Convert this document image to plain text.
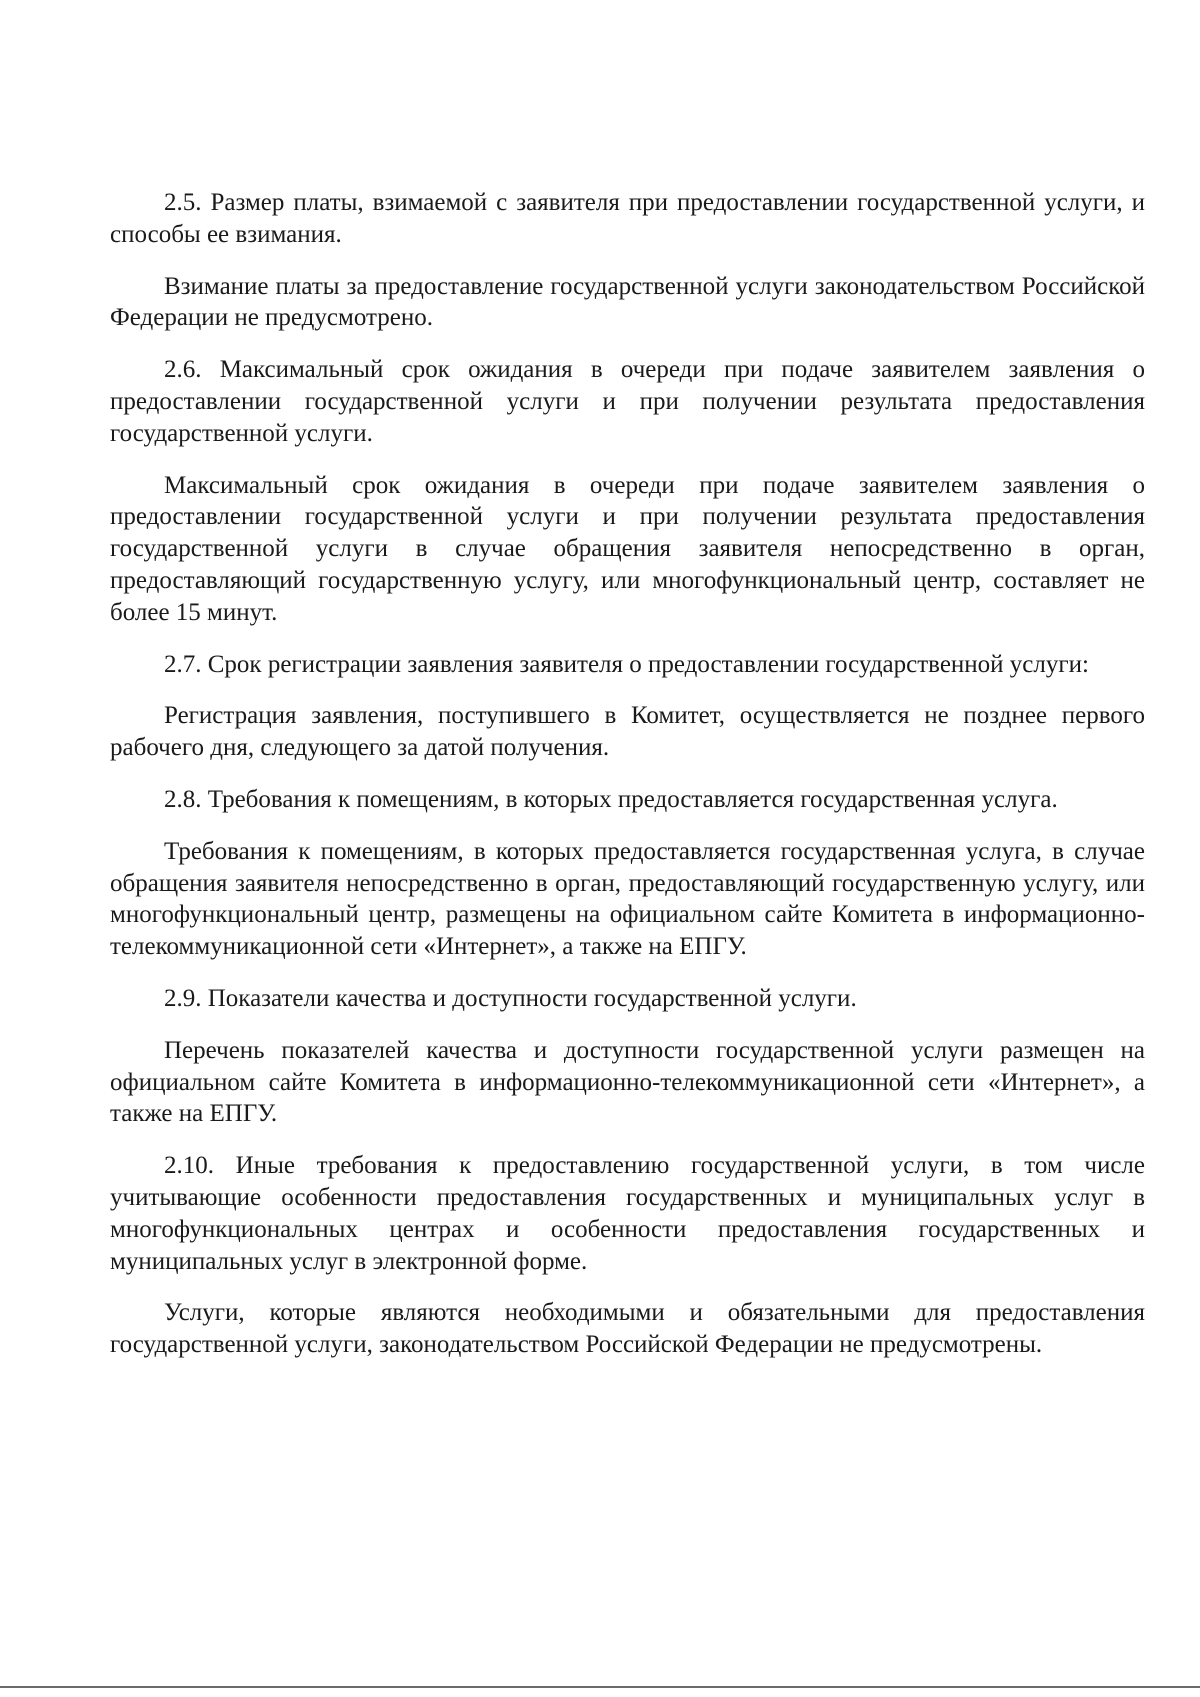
2.5. Размер платы, взимаемой с заявителя при предоставлении государственной услуги, и способы ее взимания.

Взимание платы за предоставление государственной услуги законодательством Российской Федерации не предусмотрено.

2.6. Максимальный срок ожидания в очереди при подаче заявителем заявления о предоставлении государственной услуги и при получении результата предоставления государственной услуги.

Максимальный срок ожидания в очереди при подаче заявителем заявления о предоставлении государственной услуги и при получении результата предоставления государственной услуги в случае обращения заявителя непосредственно в орган, предоставляющий государственную услугу, или многофункциональный центр, составляет не более 15 минут.

2.7. Срок регистрации заявления заявителя о предоставлении государственной услуги:

Регистрация заявления, поступившего в Комитет, осуществляется не позднее первого рабочего дня, следующего за датой получения.

2.8. Требования к помещениям, в которых предоставляется государственная услуга.

Требования к помещениям, в которых предоставляется государственная услуга, в случае обращения заявителя непосредственно в орган, предоставляющий государственную услугу, или многофункциональный центр, размещены на официальном сайте Комитета в информационно-телекоммуникационной сети «Интернет», а также на ЕПГУ.

2.9. Показатели качества и доступности государственной услуги.

Перечень показателей качества и доступности государственной услуги размещен на официальном сайте Комитета в информационно-телекоммуникационной сети «Интернет», а также на ЕПГУ.

2.10. Иные требования к предоставлению государственной услуги, в том числе учитывающие особенности предоставления государственных и муниципальных услуг в многофункциональных центрах и особенности предоставления государственных и муниципальных услуг в электронной форме.

Услуги, которые являются необходимыми и обязательными для предоставления государственной услуги, законодательством Российской Федерации не предусмотрены.
